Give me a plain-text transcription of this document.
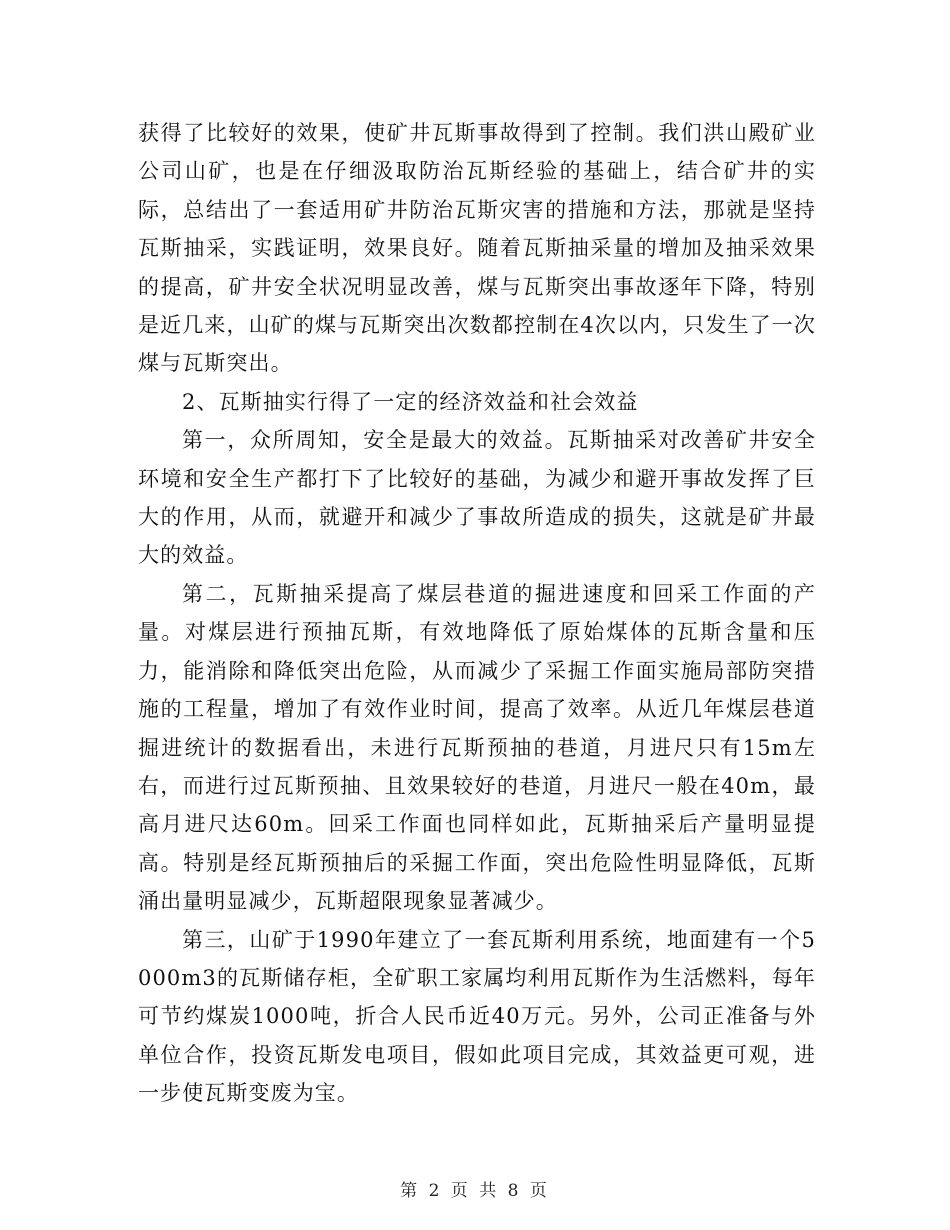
获得了比较好的效果，使矿井瓦斯事故得到了控制。我们洪山殿矿业公司山矿，也是在仔细汲取防治瓦斯经验的基础上，结合矿井的实际，总结出了一套适用矿井防治瓦斯灾害的措施和方法，那就是坚持瓦斯抽采，实践证明，效果良好。随着瓦斯抽采量的增加及抽采效果的提高，矿井安全状况明显改善，煤与瓦斯突出事故逐年下降，特别是近几来，山矿的煤与瓦斯突出次数都控制在4次以内，只发生了一次煤与瓦斯突出。

2、瓦斯抽实行得了一定的经济效益和社会效益

第一，众所周知，安全是最大的效益。瓦斯抽采对改善矿井安全环境和安全生产都打下了比较好的基础，为减少和避开事故发挥了巨大的作用，从而，就避开和减少了事故所造成的损失，这就是矿井最大的效益。

第二，瓦斯抽采提高了煤层巷道的掘进速度和回采工作面的产量。对煤层进行预抽瓦斯，有效地降低了原始煤体的瓦斯含量和压力，能消除和降低突出危险，从而减少了采掘工作面实施局部防突措施的工程量，增加了有效作业时间，提高了效率。从近几年煤层巷道掘进统计的数据看出，未进行瓦斯预抽的巷道，月进尺只有15m左右，而进行过瓦斯预抽、且效果较好的巷道，月进尺一般在40m，最高月进尺达60m。回采工作面也同样如此，瓦斯抽采后产量明显提高。特别是经瓦斯预抽后的采掘工作面，突出危险性明显降低，瓦斯涌出量明显减少，瓦斯超限现象显著减少。

第三，山矿于1990年建立了一套瓦斯利用系统，地面建有一个5000m3的瓦斯储存柜，全矿职工家属均利用瓦斯作为生活燃料，每年可节约煤炭1000吨，折合人民币近40万元。另外，公司正准备与外单位合作，投资瓦斯发电项目，假如此项目完成，其效益更可观，进一步使瓦斯变废为宝。

第 2 页 共 8 页
